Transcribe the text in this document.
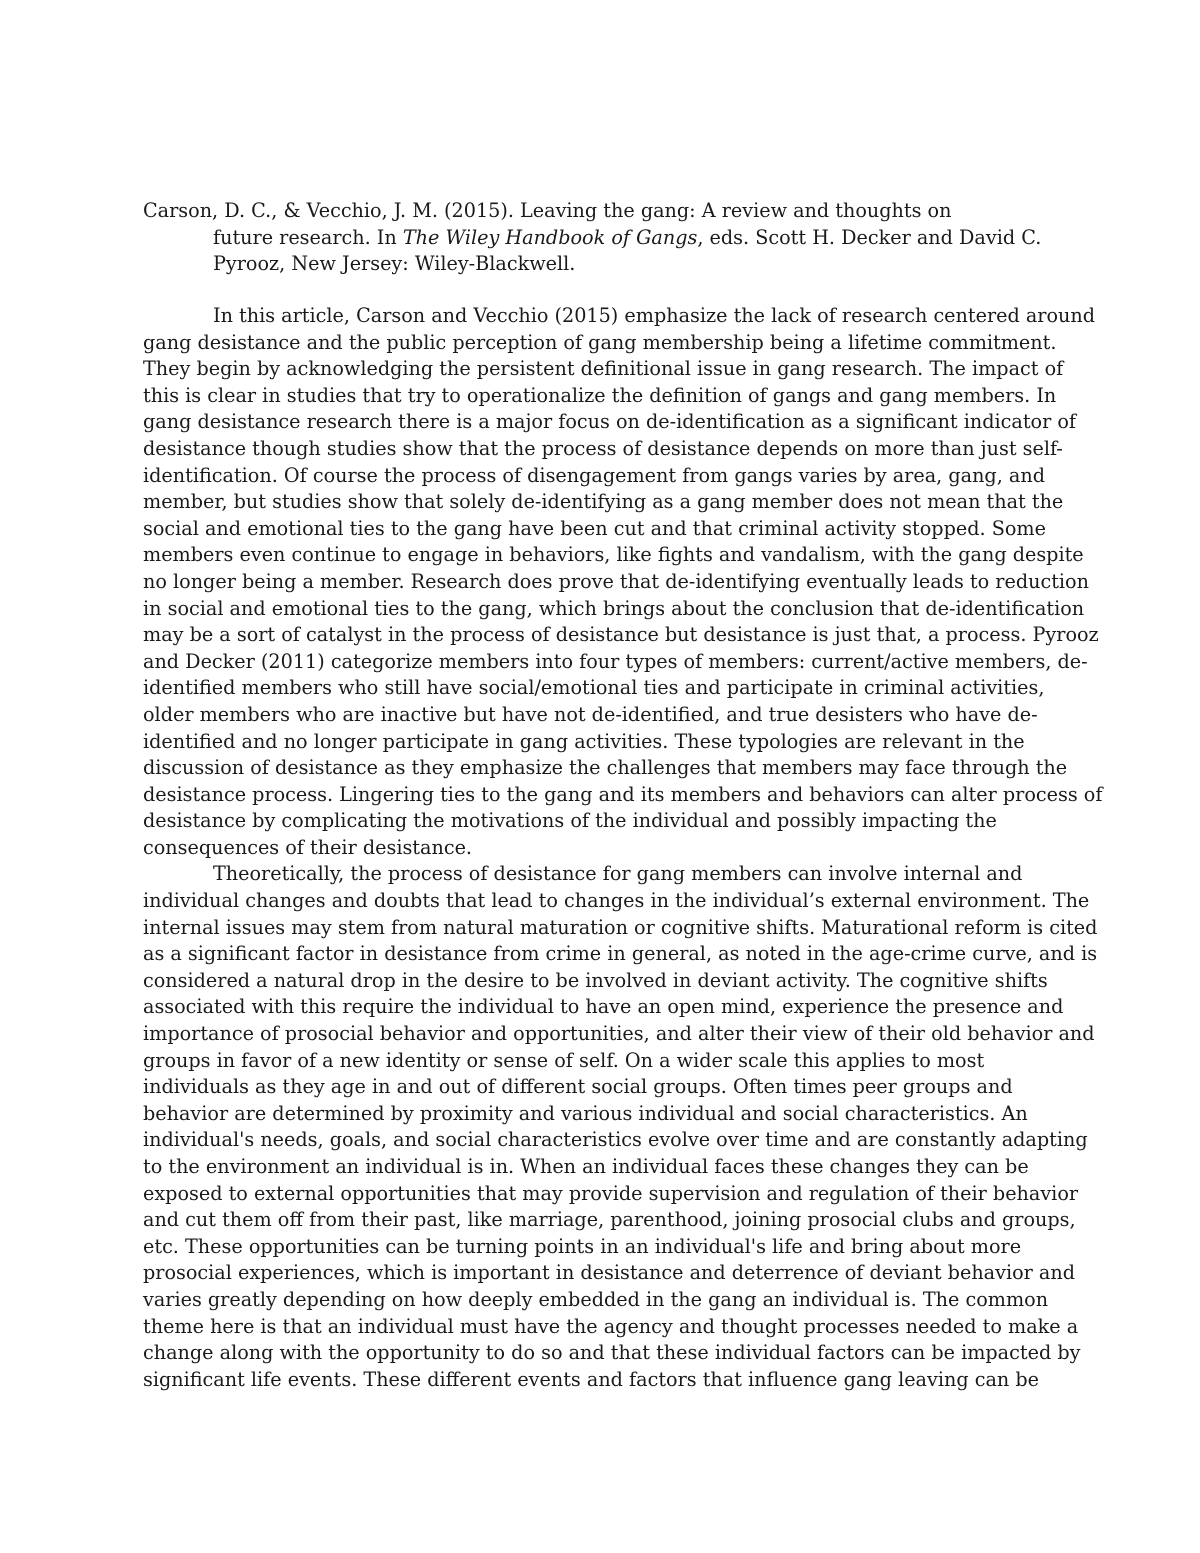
Carson, D. C., & Vecchio, J. M. (2015). Leaving the gang: A review and thoughts on
future research. In The Wiley Handbook of Gangs, eds. Scott H. Decker and David C.
Pyrooz, New Jersey: Wiley-Blackwell.
In this article, Carson and Vecchio (2015) emphasize the lack of research centered around
gang desistance and the public perception of gang membership being a lifetime commitment.
They begin by acknowledging the persistent definitional issue in gang research. The impact of
this is clear in studies that try to operationalize the definition of gangs and gang members. In
gang desistance research there is a major focus on de-identification as a significant indicator of
desistance though studies show that the process of desistance depends on more than just self-
identification. Of course the process of disengagement from gangs varies by area, gang, and
member, but studies show that solely de-identifying as a gang member does not mean that the
social and emotional ties to the gang have been cut and that criminal activity stopped. Some
members even continue to engage in behaviors, like fights and vandalism, with the gang despite
no longer being a member. Research does prove that de-identifying eventually leads to reduction
in social and emotional ties to the gang, which brings about the conclusion that de-identification
may be a sort of catalyst in the process of desistance but desistance is just that, a process. Pyrooz
and Decker (2011) categorize members into four types of members: current/active members, de-
identified members who still have social/emotional ties and participate in criminal activities,
older members who are inactive but have not de-identified, and true desisters who have de-
identified and no longer participate in gang activities. These typologies are relevant in the
discussion of desistance as they emphasize the challenges that members may face through the
desistance process. Lingering ties to the gang and its members and behaviors can alter process of
desistance by complicating the motivations of the individual and possibly impacting the
consequences of their desistance.
Theoretically, the process of desistance for gang members can involve internal and
individual changes and doubts that lead to changes in the individual’s external environment. The
internal issues may stem from natural maturation or cognitive shifts. Maturational reform is cited
as a significant factor in desistance from crime in general, as noted in the age-crime curve, and is
considered a natural drop in the desire to be involved in deviant activity. The cognitive shifts
associated with this require the individual to have an open mind, experience the presence and
importance of prosocial behavior and opportunities, and alter their view of their old behavior and
groups in favor of a new identity or sense of self. On a wider scale this applies to most
individuals as they age in and out of different social groups. Often times peer groups and
behavior are determined by proximity and various individual and social characteristics. An
individual's needs, goals, and social characteristics evolve over time and are constantly adapting
to the environment an individual is in. When an individual faces these changes they can be
exposed to external opportunities that may provide supervision and regulation of their behavior
and cut them off from their past, like marriage, parenthood, joining prosocial clubs and groups,
etc. These opportunities can be turning points in an individual's life and bring about more
prosocial experiences, which is important in desistance and deterrence of deviant behavior and
varies greatly depending on how deeply embedded in the gang an individual is. The common
theme here is that an individual must have the agency and thought processes needed to make a
change along with the opportunity to do so and that these individual factors can be impacted by
significant life events. These different events and factors that influence gang leaving can be
